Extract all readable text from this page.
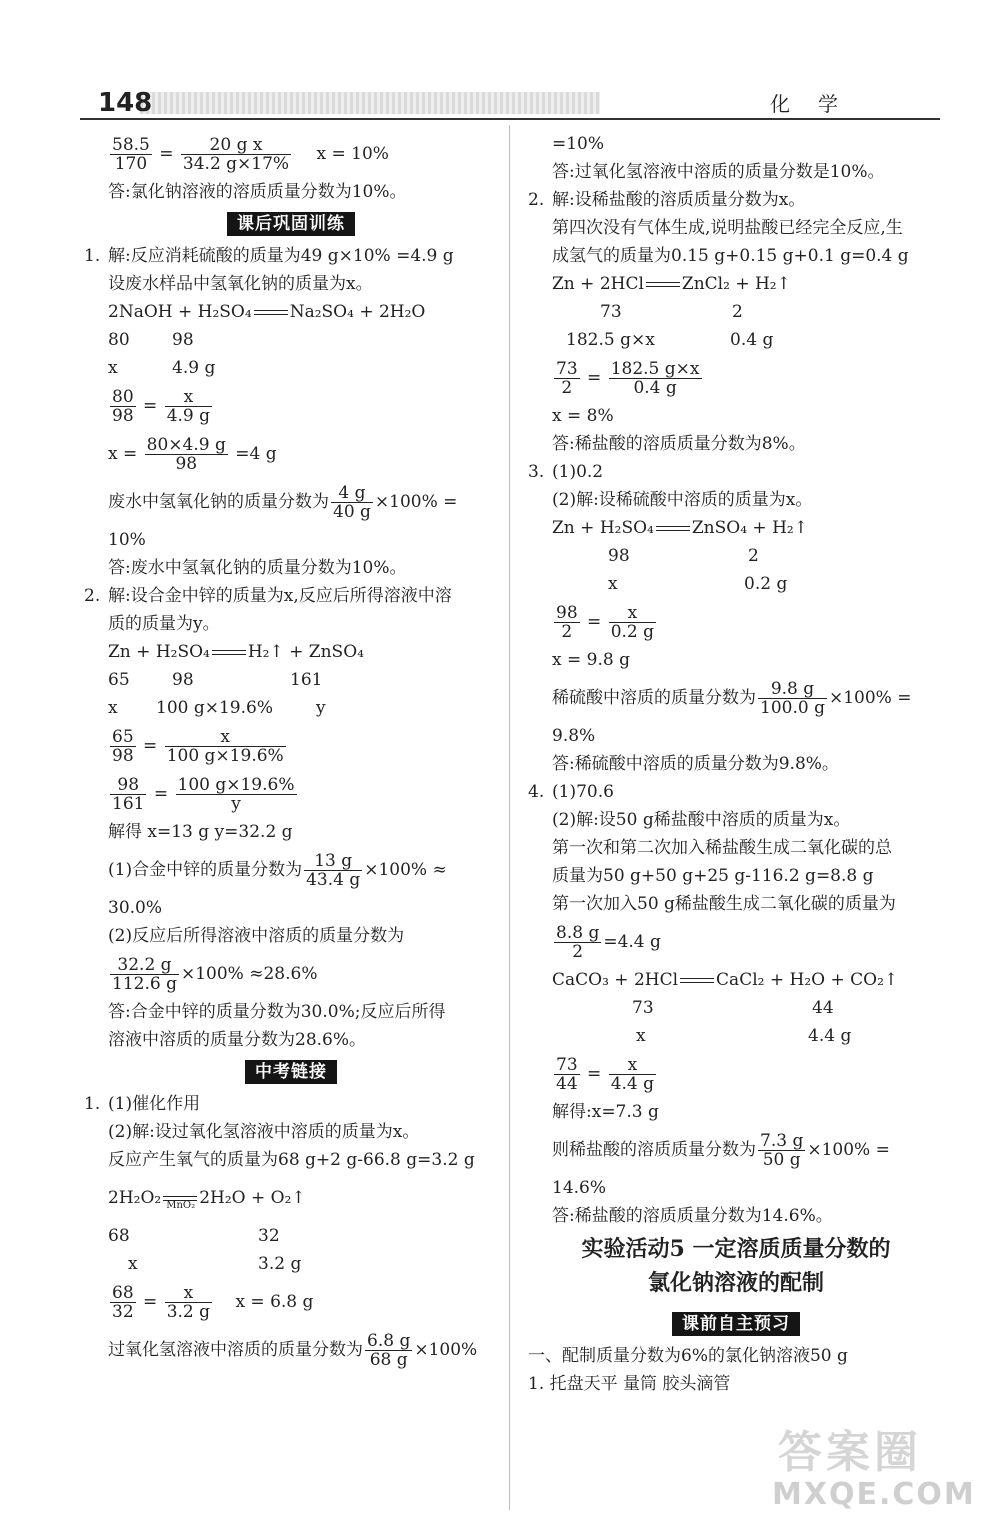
148	化学
$\frac{58.5}{170} = \frac{\text{20 g x}}{34.2 g\times 17\%}$ x = 10%
答:氯化钠溶液的溶质质量分数为10%。
课后巩固训练
1. 解:反应消耗硫酸的质量为49 g×10% =4.9 g
设废水样品中氢氧化钠的质量为x。
2NaOH + H₂SO₄ Na₂SO₄ + 2H₂O
80 98
x	4.9 g
$\frac{80}{98} = \frac{x}{4.9 g}$
$x = \frac{80\times 4.9 g}{98} =4$ g
废水中氢氧化钠的质量分数为 $\frac{4 g}{40 g} \times 100\%$ =
10%
答:废水中氢氧化钠的质量分数为10%。
2. 解:设合金中锌的质量为x,反应后所得溶液中溶
质的质量为y。
Zn + H₂SO₄ H₂↑ + ZnSO₄
65 98	161
x 100 g×19.6%	y
$\frac{65}{98} = \frac{x}{100 g\times 19.6\%}$
$\frac{98}{161} = \frac{100 g\times 19.6\%}{y}$
解得 x=13 g y=32.2 g
(1)合金中锌的质量分数为 $\frac{13 g}{43.4 g} \times 100\%$ ≈
30.0%
(2)反应后所得溶液中溶质的质量分数为
$\frac{32.2 g}{112.6 g} \times 100\% \approx 28.6\%$
答:合金中锌的质量分数为30.0%;反应后所得
溶液中溶质的质量分数为28.6%。
中考链接
1. (1)催化作用
(2)解:设过氧化氢溶液中溶质的质量为x。
反应产生氧气的质量为68 g+2 g-66.8 g=3.2 g
2H₂O₂ MnO₂ 2H₂O + O₂↑
68	32
x	3.2 g
$\frac{68}{32} = \frac{x}{3.2 g}$ x = 6.8 g
过氧化氢溶液中溶质的质量分数为 $\frac{6.8 g}{68 g} \times 100\%$
=10%
答:过氧化氢溶液中溶质的质量分数是10%。
2. 解:设稀盐酸的溶质质量分数为x。
第四次没有气体生成,说明盐酸已经完全反应,生
成氢气的质量为0.15 g+0.15 g+0.1 g=0.4 g
Zn + 2HCl ZnCl₂ + H₂↑
73	2
182.5 g×x	0.4 g
$\frac{73}{2} = \frac{182.5 g\times x}{0.4 g}$
x = 8%
答:稀盐酸的溶质质量分数为8%。
3. (1)0.2
(2)解:设稀硫酸中溶质的质量为x。
Zn + H₂SO₄ ZnSO₄ + H₂↑
98	2
x	0.2 g
$\frac{98}{2} = \frac{x}{0.2 g}$
x = 9.8 g
稀硫酸中溶质的质量分数为 $\frac{9.8 g}{100.0 g} \times 100\%$ =
9.8%
答:稀硫酸中溶质的质量分数为9.8%。
4. (1)70.6
(2)解:设50 g稀盐酸中溶质的质量为x。
第一次和第二次加入稀盐酸生成二氧化碳的总
质量为50 g+50 g+25 g-116.2 g=8.8 g
第一次加入50 g稀盐酸生成二氧化碳的质量为
$\frac{8.8 g}{2} =4.4$ g
CaCO₃ + 2HCl CaCl₂ + H₂O + CO₂↑
73	44
x	4.4 g
$\frac{73}{44} = \frac{x}{4.4 g}$
解得:x=7.3 g
则稀盐酸的溶质质量分数为 $\frac{7.3 g}{50 g} \times 100\%$ =
14.6%
答:稀盐酸的溶质质量分数为14.6%。
实验活动5 一定溶质质量分数的
氯化钠溶液的配制
课前自主预习
一、配制质量分数为6%的氯化钠溶液50 g
1. 托盘天平 量筒 胶头滴管
答案圈
MXQE.COM
